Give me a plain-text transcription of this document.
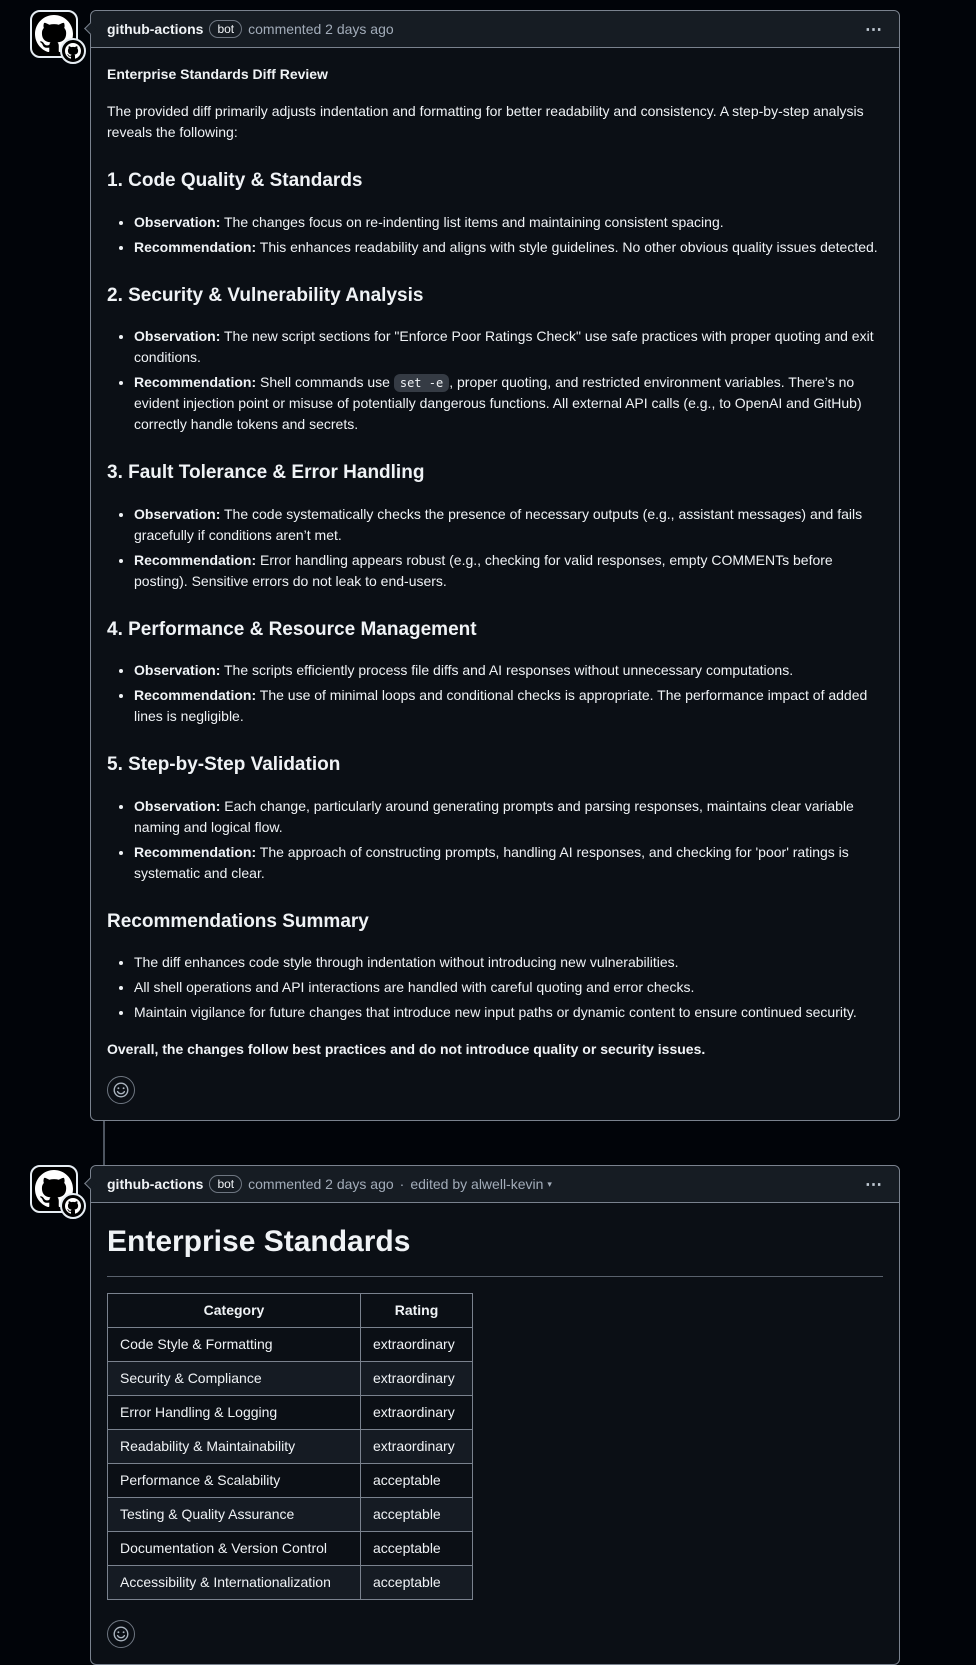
github-actions	bot	commented 2 days ago	⋯

Enterprise Standards Diff Review

The provided diff primarily adjusts indentation and formatting for better readability and consistency. A step-by-step analysis reveals the following:

1. Code Quality & Standards
• Observation: The changes focus on re-indenting list items and maintaining consistent spacing.
• Recommendation: This enhances readability and aligns with style guidelines. No other obvious quality issues detected.
2. Security & Vulnerability Analysis
• Observation: The new script sections for "Enforce Poor Ratings Check" use safe practices with proper quoting and exit conditions.
• Recommendation: Shell commands use set -e , proper quoting, and restricted environment variables. There’s no evident injection point or misuse of potentially dangerous functions. All external API calls (e.g., to OpenAI and GitHub) correctly handle tokens and secrets.
3. Fault Tolerance & Error Handling
• Observation: The code systematically checks the presence of necessary outputs (e.g., assistant messages) and fails gracefully if conditions aren’t met.
• Recommendation: Error handling appears robust (e.g., checking for valid responses, empty COMMENTs before posting). Sensitive errors do not leak to end-users.
4. Performance & Resource Management
• Observation: The scripts efficiently process file diffs and AI responses without unnecessary computations.
• Recommendation: The use of minimal loops and conditional checks is appropriate. The performance impact of added lines is negligible.
5. Step-by-Step Validation
• Observation: Each change, particularly around generating prompts and parsing responses, maintains clear variable naming and logical flow.
• Recommendation: The approach of constructing prompts, handling AI responses, and checking for 'poor' ratings is systematic and clear.
Recommendations Summary
• The diff enhances code style through indentation without introducing new vulnerabilities.
• All shell operations and API interactions are handled with careful quoting and error checks.
• Maintain vigilance for future changes that introduce new input paths or dynamic content to ensure continued security.

Overall, the changes follow best practices and do not introduce quality or security issues.

github-actions	bot	commented 2 days ago · edited by alwell-kevin ▾	⋯
Enterprise Standards
Category	Rating
Code Style & Formatting	extraordinary
Security & Compliance	extraordinary
Error Handling & Logging	extraordinary
Readability & Maintainability	extraordinary
Performance & Scalability	acceptable
Testing & Quality Assurance	acceptable
Documentation & Version Control	acceptable
Accessibility & Internationalization	acceptable
